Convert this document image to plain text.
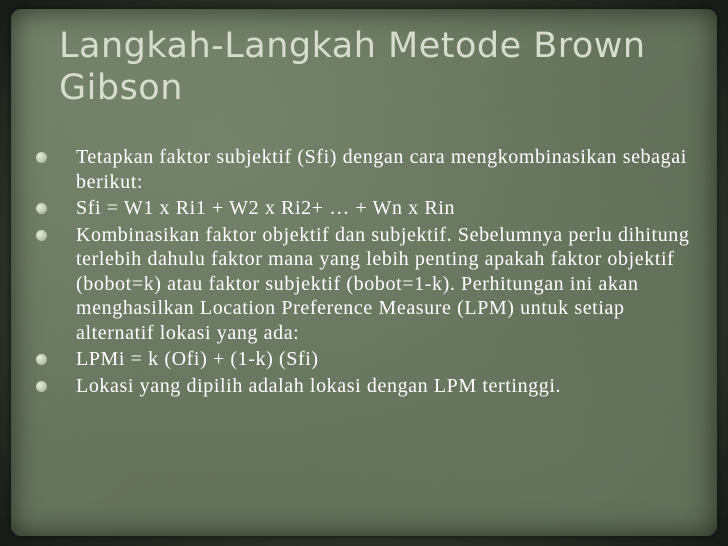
Langkah-Langkah Metode Brown Gibson
Tetapkan faktor subjektif (Sfi) dengan cara mengkombinasikan sebagai berikut:
Sfi = W1 x Ri1 + W2 x Ri2+ … + Wn x Rin
Kombinasikan faktor objektif dan subjektif. Sebelumnya perlu dihitung terlebih dahulu faktor mana yang lebih penting apakah faktor objektif (bobot=k) atau faktor subjektif (bobot=1-k). Perhitungan ini akan menghasilkan Location Preference Measure (LPM) untuk setiap alternatif lokasi yang ada:
LPMi = k (Ofi) + (1-k) (Sfi)
Lokasi yang dipilih adalah lokasi dengan LPM tertinggi.
